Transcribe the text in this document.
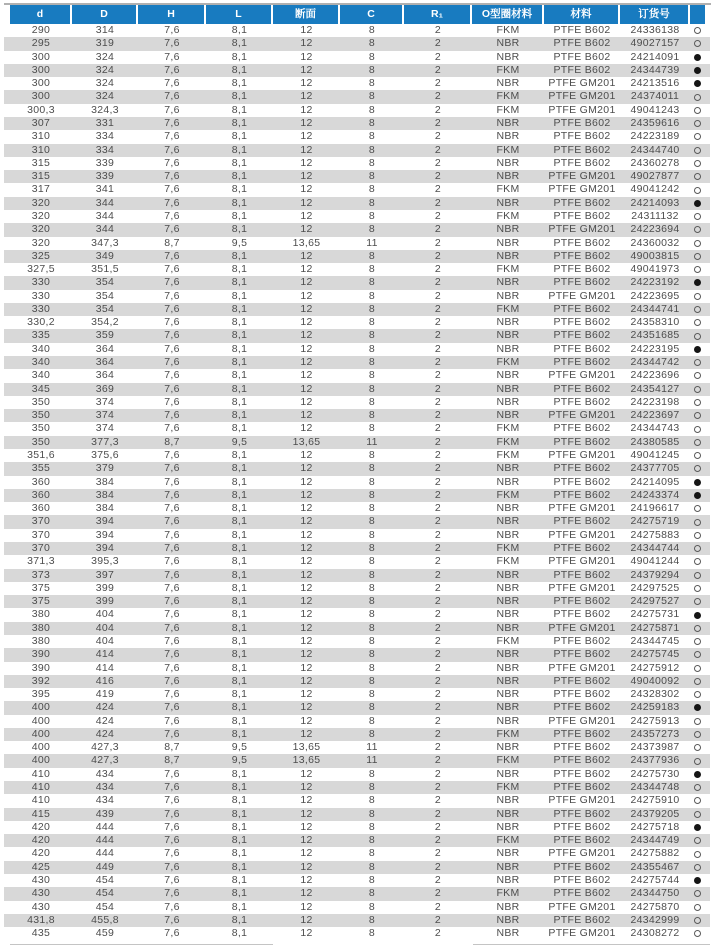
d	D	H	L	断面	C	R₁	O型圈材料	材料	订货号
290	314	7,6	8,1	12	8	2	FKM	PTFE B602	24336138
295	319	7,6	8,1	12	8	2	NBR	PTFE B602	49027157
300	324	7,6	8,1	12	8	2	NBR	PTFE B602	24214091
300	324	7,6	8,1	12	8	2	FKM	PTFE B602	24344739
300	324	7,6	8,1	12	8	2	NBR	PTFE GM201	24213516
300	324	7,6	8,1	12	8	2	FKM	PTFE GM201	24374011
300,3	324,3	7,6	8,1	12	8	2	FKM	PTFE GM201	49041243
307	331	7,6	8,1	12	8	2	NBR	PTFE B602	24359616
310	334	7,6	8,1	12	8	2	NBR	PTFE B602	24223189
310	334	7,6	8,1	12	8	2	FKM	PTFE B602	24344740
315	339	7,6	8,1	12	8	2	NBR	PTFE B602	24360278
315	339	7,6	8,1	12	8	2	NBR	PTFE GM201	49027877
317	341	7,6	8,1	12	8	2	FKM	PTFE GM201	49041242
320	344	7,6	8,1	12	8	2	NBR	PTFE B602	24214093
320	344	7,6	8,1	12	8	2	FKM	PTFE B602	24311132
320	344	7,6	8,1	12	8	2	NBR	PTFE GM201	24223694
320	347,3	8,7	9,5	13,65	11	2	NBR	PTFE B602	24360032
325	349	7,6	8,1	12	8	2	NBR	PTFE B602	49003815
327,5	351,5	7,6	8,1	12	8	2	FKM	PTFE B602	49041973
330	354	7,6	8,1	12	8	2	NBR	PTFE B602	24223192
330	354	7,6	8,1	12	8	2	NBR	PTFE GM201	24223695
330	354	7,6	8,1	12	8	2	FKM	PTFE B602	24344741
330,2	354,2	7,6	8,1	12	8	2	NBR	PTFE B602	24358310
335	359	7,6	8,1	12	8	2	NBR	PTFE B602	24351685
340	364	7,6	8,1	12	8	2	NBR	PTFE B602	24223195
340	364	7,6	8,1	12	8	2	FKM	PTFE B602	24344742
340	364	7,6	8,1	12	8	2	NBR	PTFE GM201	24223696
345	369	7,6	8,1	12	8	2	NBR	PTFE B602	24354127
350	374	7,6	8,1	12	8	2	NBR	PTFE B602	24223198
350	374	7,6	8,1	12	8	2	NBR	PTFE GM201	24223697
350	374	7,6	8,1	12	8	2	FKM	PTFE B602	24344743
350	377,3	8,7	9,5	13,65	11	2	FKM	PTFE B602	24380585
351,6	375,6	7,6	8,1	12	8	2	FKM	PTFE GM201	49041245
355	379	7,6	8,1	12	8	2	NBR	PTFE B602	24377705
360	384	7,6	8,1	12	8	2	NBR	PTFE B602	24214095
360	384	7,6	8,1	12	8	2	FKM	PTFE B602	24243374
360	384	7,6	8,1	12	8	2	NBR	PTFE GM201	24196617
370	394	7,6	8,1	12	8	2	NBR	PTFE B602	24275719
370	394	7,6	8,1	12	8	2	NBR	PTFE GM201	24275883
370	394	7,6	8,1	12	8	2	FKM	PTFE B602	24344744
371,3	395,3	7,6	8,1	12	8	2	FKM	PTFE GM201	49041244
373	397	7,6	8,1	12	8	2	NBR	PTFE B602	24379294
375	399	7,6	8,1	12	8	2	NBR	PTFE GM201	24297525
375	399	7,6	8,1	12	8	2	NBR	PTFE B602	24297527
380	404	7,6	8,1	12	8	2	NBR	PTFE B602	24275731
380	404	7,6	8,1	12	8	2	NBR	PTFE GM201	24275871
380	404	7,6	8,1	12	8	2	FKM	PTFE B602	24344745
390	414	7,6	8,1	12	8	2	NBR	PTFE B602	24275745
390	414	7,6	8,1	12	8	2	NBR	PTFE GM201	24275912
392	416	7,6	8,1	12	8	2	NBR	PTFE B602	49040092
395	419	7,6	8,1	12	8	2	NBR	PTFE B602	24328302
400	424	7,6	8,1	12	8	2	NBR	PTFE B602	24259183
400	424	7,6	8,1	12	8	2	NBR	PTFE GM201	24275913
400	424	7,6	8,1	12	8	2	FKM	PTFE B602	24357273
400	427,3	8,7	9,5	13,65	11	2	NBR	PTFE B602	24373987
400	427,3	8,7	9,5	13,65	11	2	FKM	PTFE B602	24377936
410	434	7,6	8,1	12	8	2	NBR	PTFE B602	24275730
410	434	7,6	8,1	12	8	2	FKM	PTFE B602	24344748
410	434	7,6	8,1	12	8	2	NBR	PTFE GM201	24275910
415	439	7,6	8,1	12	8	2	NBR	PTFE B602	24379205
420	444	7,6	8,1	12	8	2	NBR	PTFE B602	24275718
420	444	7,6	8,1	12	8	2	FKM	PTFE B602	24344749
420	444	7,6	8,1	12	8	2	NBR	PTFE GM201	24275882
425	449	7,6	8,1	12	8	2	NBR	PTFE B602	24355467
430	454	7,6	8,1	12	8	2	NBR	PTFE B602	24275744
430	454	7,6	8,1	12	8	2	FKM	PTFE B602	24344750
430	454	7,6	8,1	12	8	2	NBR	PTFE GM201	24275870
431,8	455,8	7,6	8,1	12	8	2	NBR	PTFE B602	24342999
435	459	7,6	8,1	12	8	2	NBR	PTFE GM201	24308272
